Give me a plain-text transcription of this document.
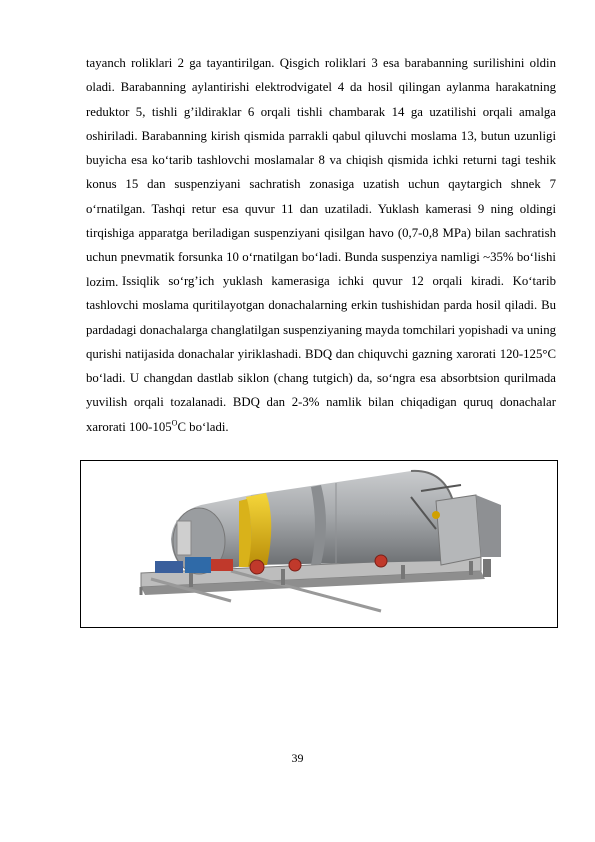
tayanch roliklari 2 ga tayantirilgan. Qisgich roliklari 3 esa barabanning surilishini oldin oladi. Barabanning aylantirishi elektrodvigatel 4 da hosil qilingan aylanma harakatning reduktor 5, tishli g’ildiraklar 6 orqali tishli chambarak 14 ga uzatilishi orqali amalga oshiriladi. Barabanning kirish qismida parrakli qabul qiluvchi moslama 13, butun uzunligi buyicha esa ko‘tarib tashlovchi moslamalar 8 va chiqish qismida ichki returni tagi teshik konus 15 dan suspenziyani sachratish zonasiga uzatish uchun qaytargich shnek 7 o‘rnatilgan. Tashqi retur esa quvur 11 dan uzatiladi. Yuklash kamerasi 9 ning oldingi tirqishiga apparatga beriladigan suspenziyani qisilgan havo (0,7-0,8 MPa) bilan sachratish uchun pnevmatik forsunka 10 o‘rnatilgan bo‘ladi. Bunda suspenziya namligi ~35% bo‘lishi lozim. Issiqlik so‘rg’ich yuklash kamerasiga ichki quvur 12 orqali kiradi. Ko‘tarib tashlovchi moslama quritilayotgan donachalarning erkin tushishidan parda hosil qiladi. Bu pardadagi donachalarga changlatilgan suspenziyaning mayda tomchilari yopishadi va uning qurishi natijasida donachalar yiriklashadi. BDQ dan chiquvchi gazning xarorati 120-125°C bo‘ladi. U changdan dastlab siklon (chang tutgich) da, so‘ngra esa absorbtsion qurilmada yuvilish orqali tozalanadi. BDQ dan 2-3% namlik bilan chiqadigan quruq donachalar xarorati $100-105^OC$ bo‘ladi.

39
